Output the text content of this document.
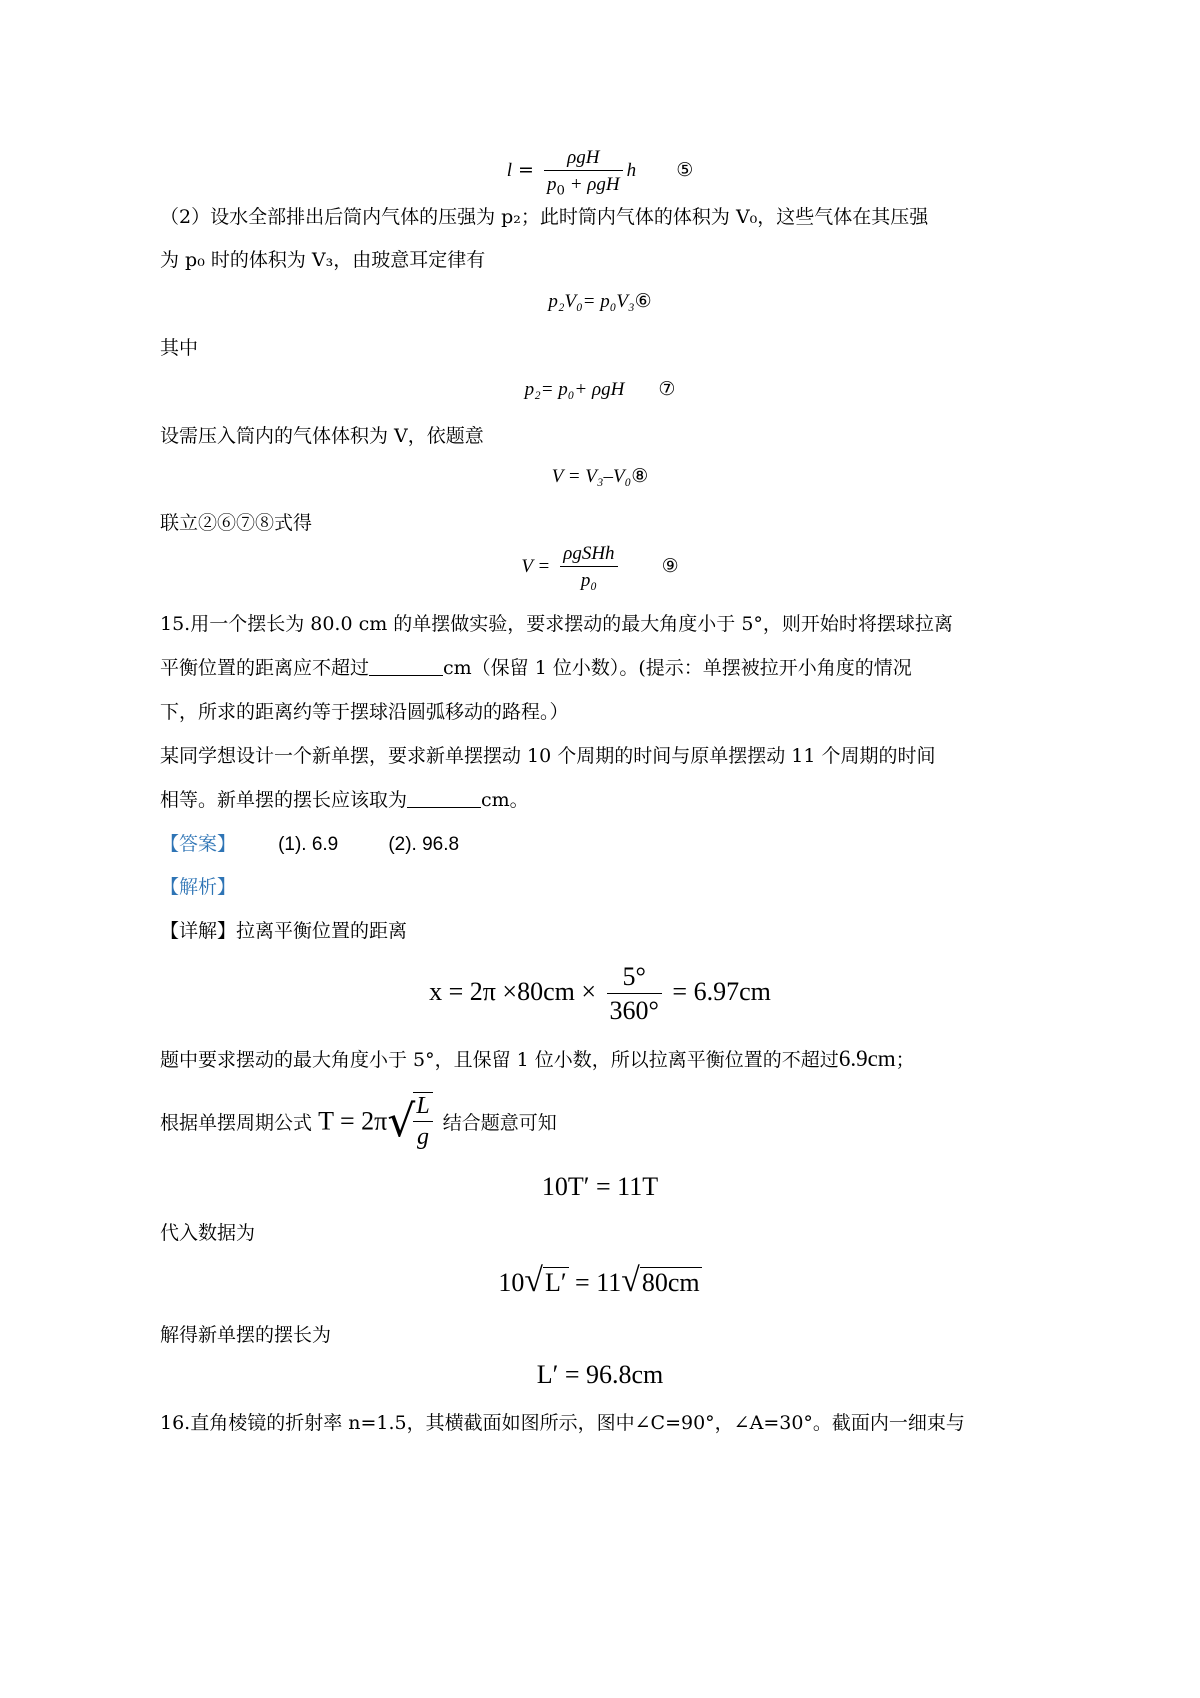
$l = \frac{\text{ρgH}}{p_0 + \rho gH}$ h ⑤
（2）设水全部排出后筒内气体的压强为 p₂；此时筒内气体的体积为 V₀，这些气体在其压强
为 p₀ 时的体积为 V₃，由玻意耳定律有
p₂V₀= p₀V₃⑥
其中
p₂= p₀+ ρgH ⑦
设需压入筒内的气体体积为 V，依题意
V = V₃–V₀⑧
联立②⑥⑦⑧式得
$V = \frac{\text{ρgSHh}}{\text{p₀}}$ ⑨
15.用一个摆长为 80.0 cm 的单摆做实验，要求摆动的最大角度小于 5°，则开始时将摆球拉离
平衡位置的距离应不超过	cm（保留 1 位小数）。(提示：单摆被拉开小角度的情况
下，所求的距离约等于摆球沿圆弧移动的路程。）
某同学想设计一个新单摆，要求新单摆摆动 10 个周期的时间与原单摆摆动 11 个周期的时间
相等。新单摆的摆长应该取为	cm。
【答案】 (1). 6.9	(2). 96.8
【解析】
【详解】拉离平衡位置的距离
$x = 2\pi \times 80cm \times \frac{5^\circ}{360^\circ} = 6.97cm$
题中要求摆动的最大角度小于 5°，且保留 1 位小数，所以拉离平衡位置的不超过6.9cm；
根据单摆周期公式 T = 2π√
$\frac{L}{g}$ 结合题意可知
10T′ = 11T
代入数据为
10√L′ = 11√80cm
解得新单摆的摆长为
L′ = 96.8cm
16.直角棱镜的折射率 n=1.5，其横截面如图所示，图中∠C=90°，∠A=30°。截面内一细束与
